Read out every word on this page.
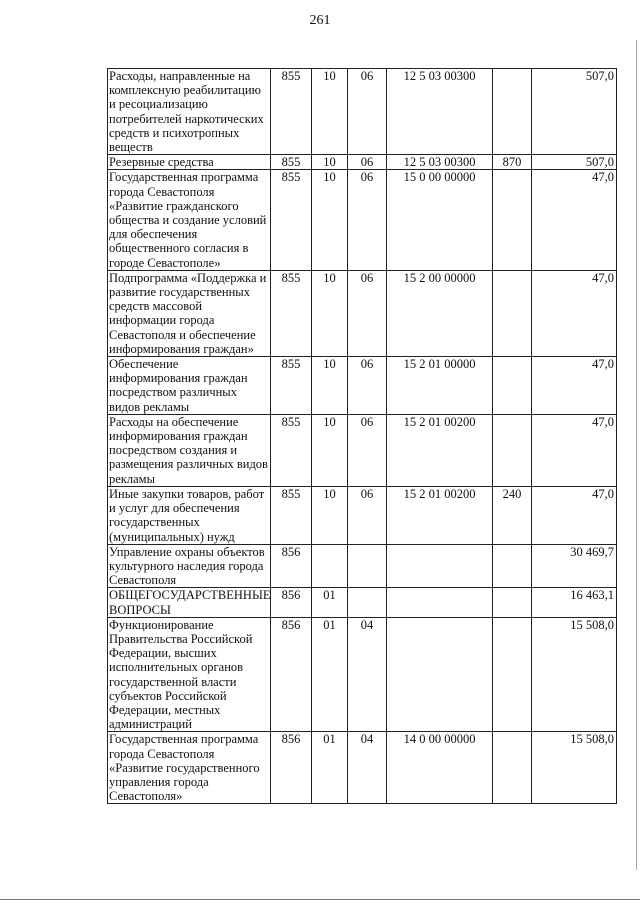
261
Расходы, направленные на комплексную реабилитацию и ресоциализацию потребителей наркотических средств и психотропных веществ	855	10	06	12 5 03 00300		507,0
Резервные средства	855	10	06	12 5 03 00300	870	507,0
Государственная программа города Севастополя «Развитие гражданского общества и создание условий для обеспечения общественного согласия в городе Севастополе»	855	10	06	15 0 00 00000		47,0
Подпрограмма «Поддержка и развитие государственных средств массовой информации города Севастополя и обеспечение информирования граждан»	855	10	06	15 2 00 00000		47,0
Обеспечение информирования граждан посредством различных видов рекламы	855	10	06	15 2 01 00000		47,0
Расходы на обеспечение информирования граждан посредством создания и размещения различных видов рекламы	855	10	06	15 2 01 00200		47,0
Иные закупки товаров, работ и услуг для обеспечения государственных (муниципальных) нужд	855	10	06	15 2 01 00200	240	47,0
Управление охраны объектов культурного наследия города Севастополя	856					30 469,7
ОБЩЕГОСУДАРСТВЕННЫЕ ВОПРОСЫ	856	01				16 463,1
Функционирование Правительства Российской Федерации, высших исполнительных органов государственной власти субъектов Российской Федерации, местных администраций	856	01	04			15 508,0
Государственная программа города Севастополя «Развитие государственного управления города Севастополя»	856	01	04	14 0 00 00000		15 508,0
